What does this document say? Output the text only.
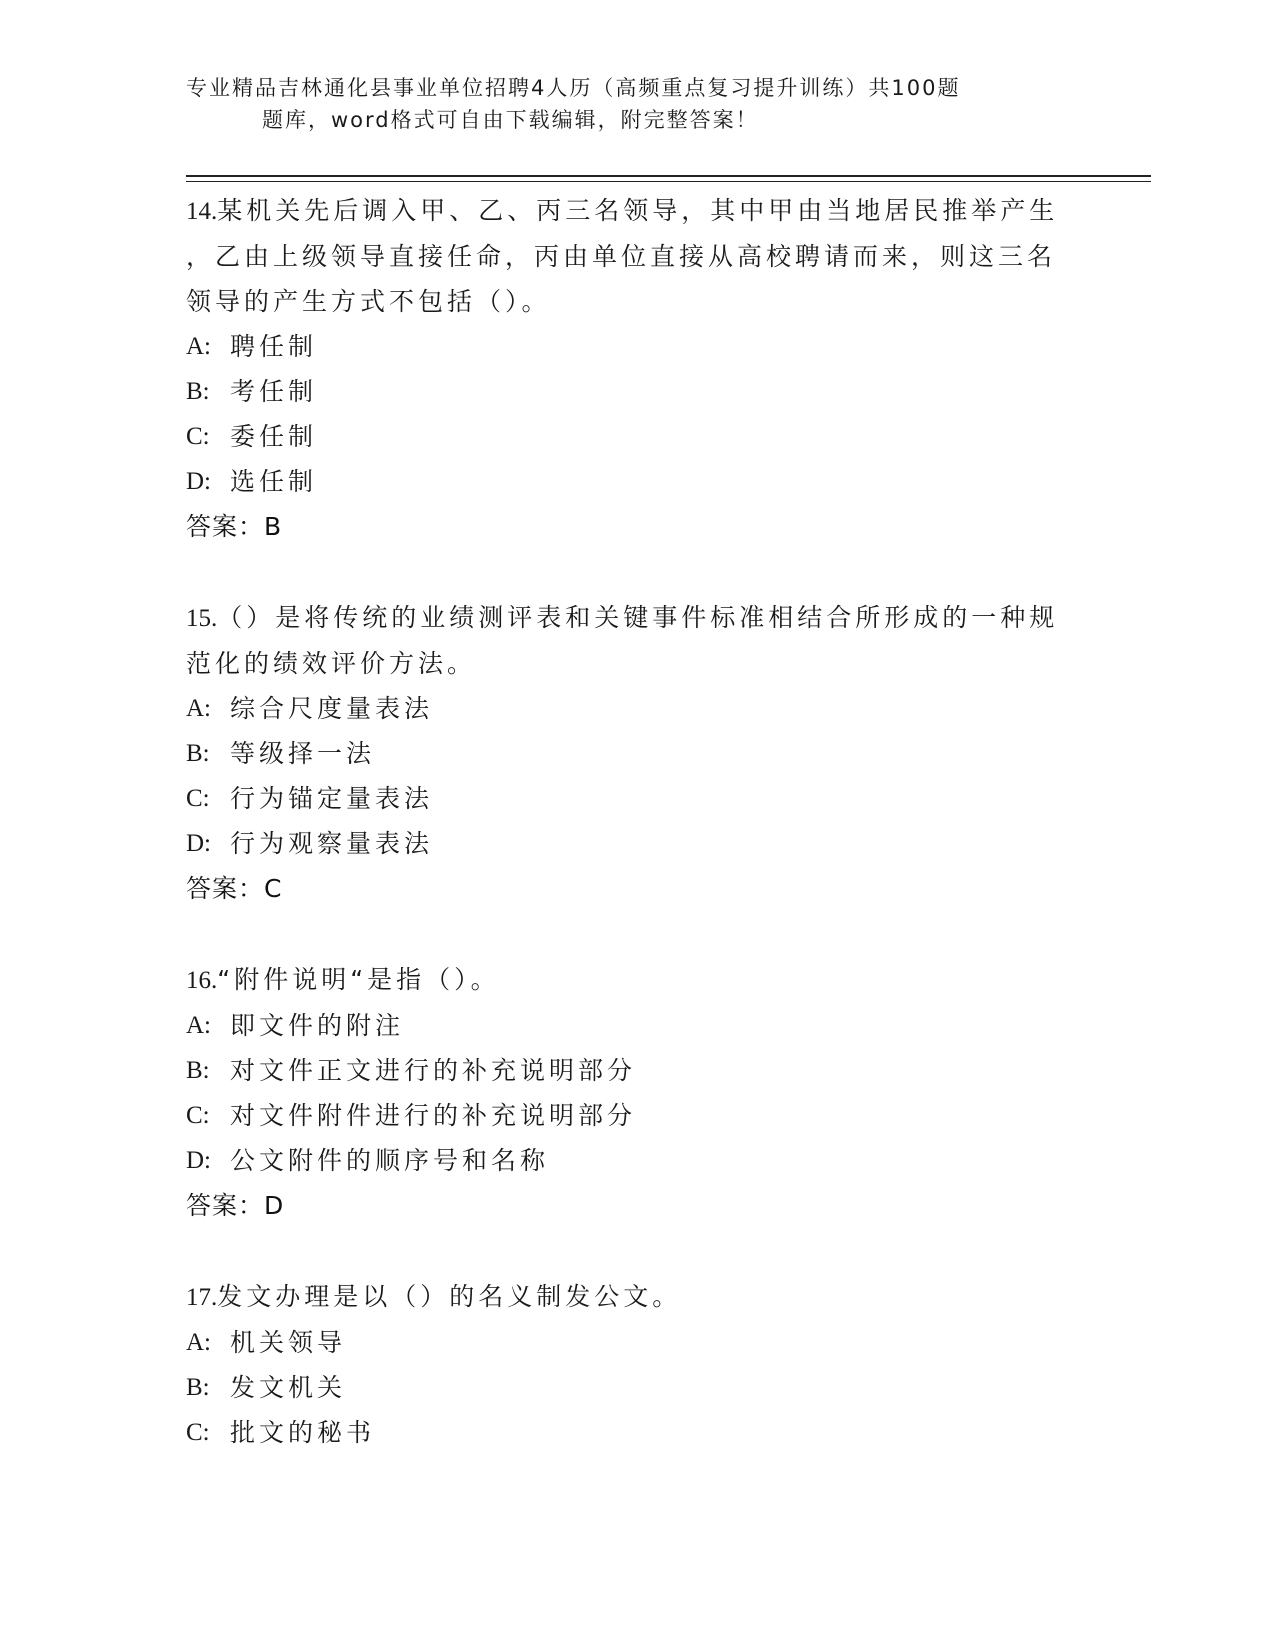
专业精品吉林通化县事业单位招聘4人历（高频重点复习提升训练）共100题
题库，word格式可自由下载编辑，附完整答案！
14.某机关先后调入甲、乙、丙三名领导，其中甲由当地居民推举产生
，乙由上级领导直接任命，丙由单位直接从高校聘请而来，则这三名
领导的产生方式不包括（）。
A: 聘任制
B: 考任制
C: 委任制
D: 选任制
答案：B
15.（）是将传统的业绩测评表和关键事件标准相结合所形成的一种规
范化的绩效评价方法。
A: 综合尺度量表法
B: 等级择一法
C: 行为锚定量表法
D: 行为观察量表法
答案：C
16.“附件说明“是指（）。
A: 即文件的附注
B: 对文件正文进行的补充说明部分
C: 对文件附件进行的补充说明部分
D: 公文附件的顺序号和名称
答案：D
17.发文办理是以（）的名义制发公文。
A: 机关领导
B: 发文机关
C: 批文的秘书
